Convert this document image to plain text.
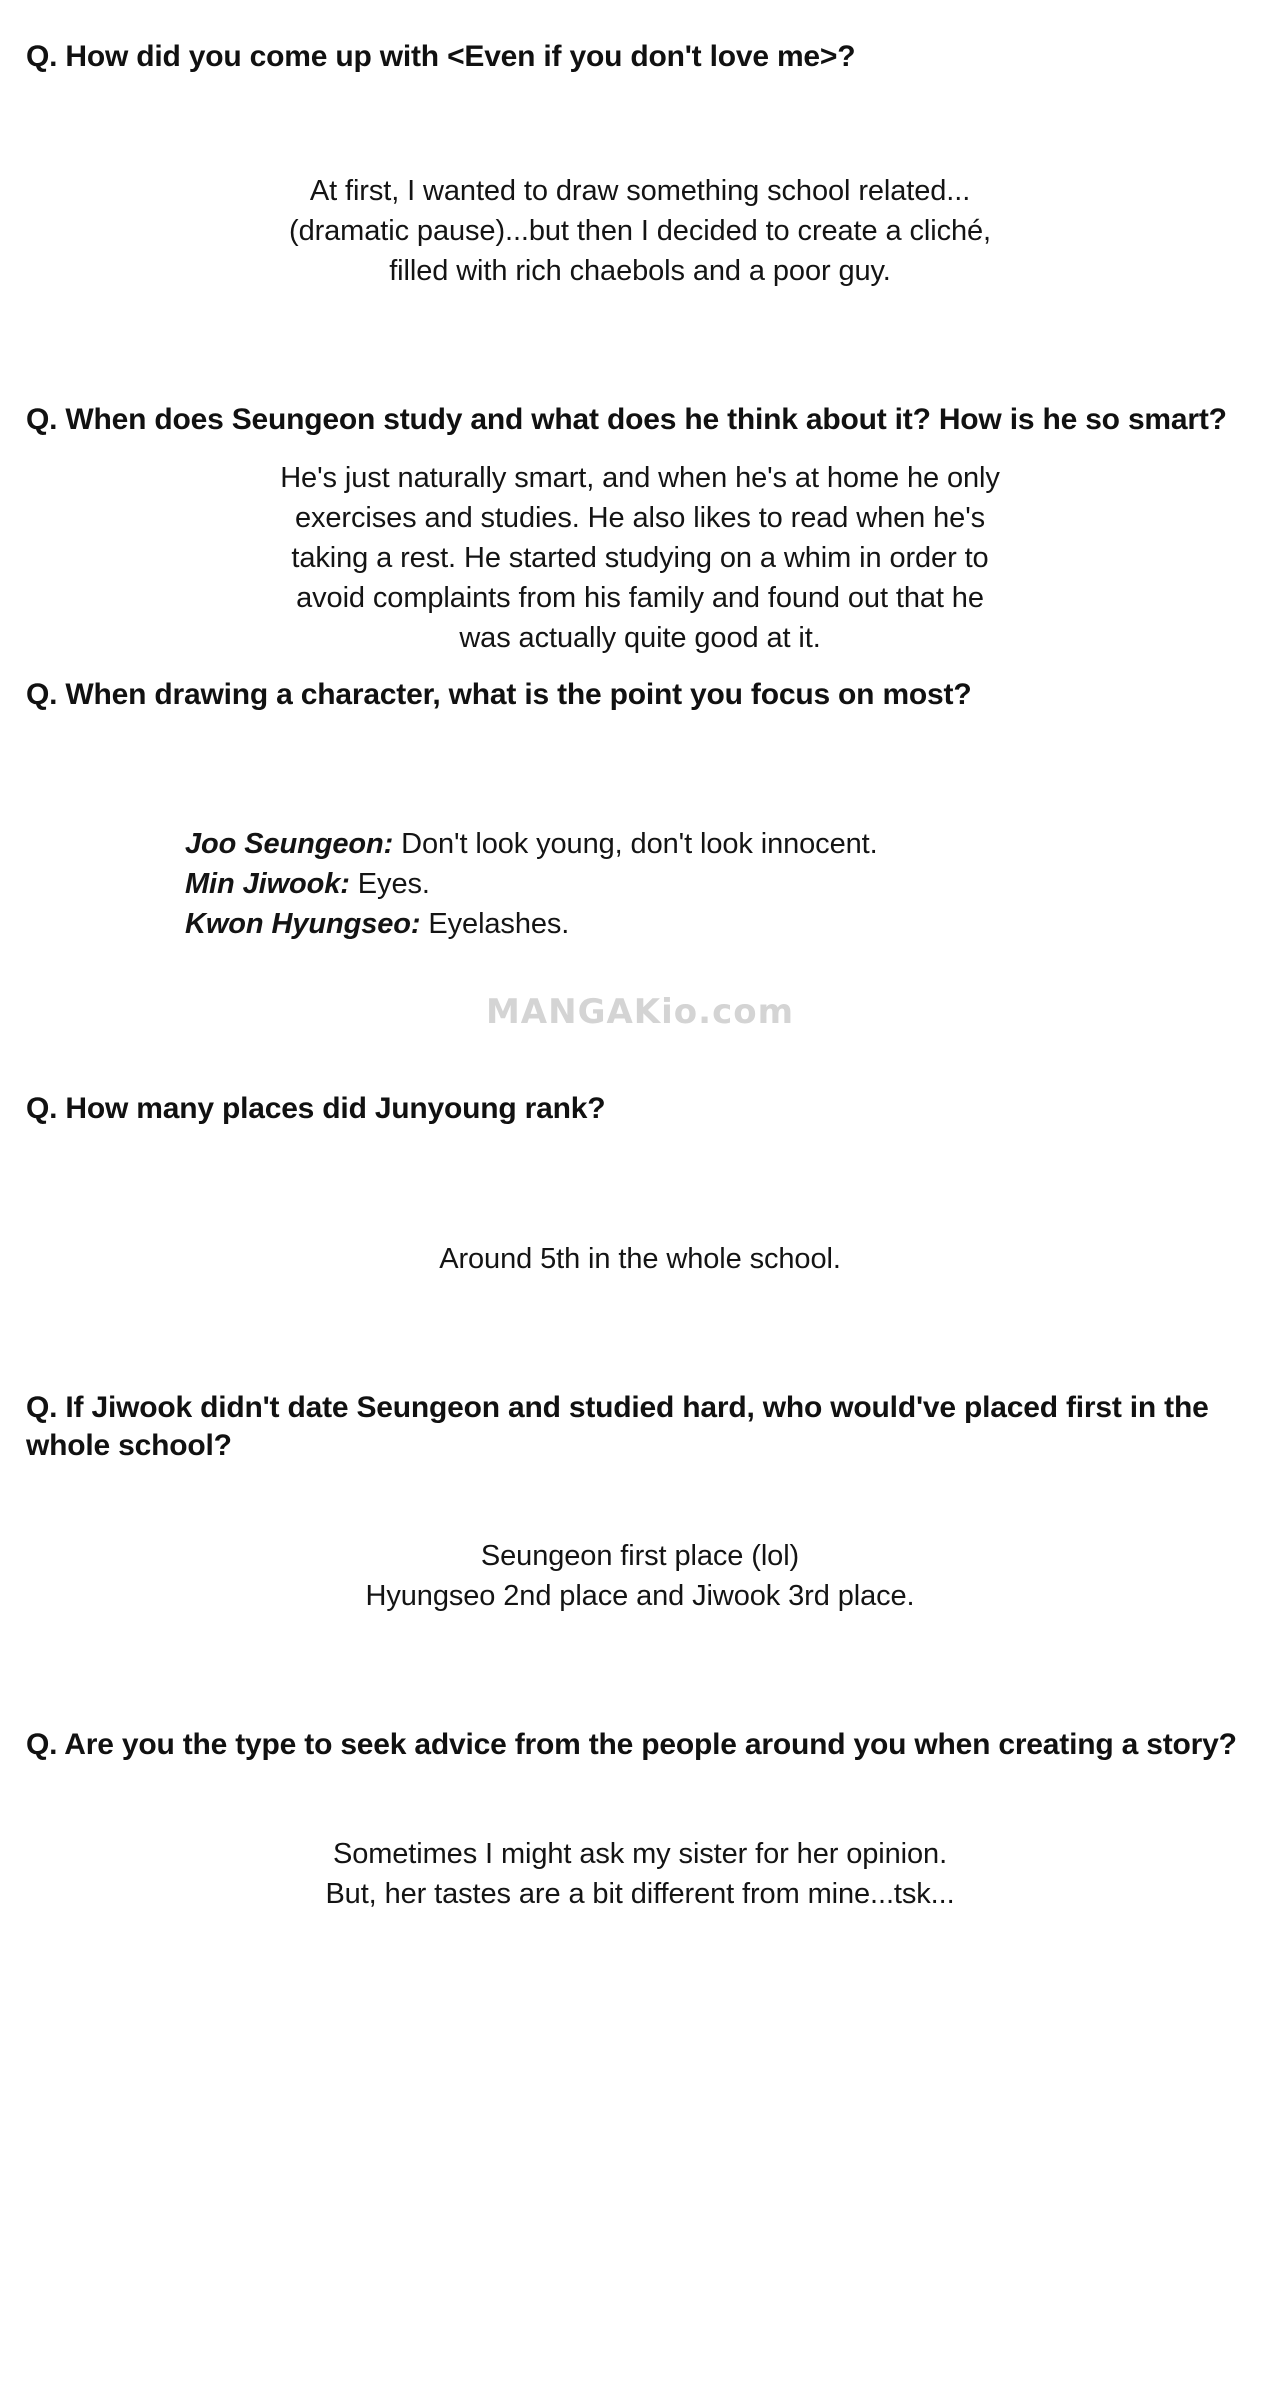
Q. How did you come up with <Even if you don't love me>?
At first, I wanted to draw something school related...
(dramatic pause)...but then I decided to create a cliché,
filled with rich chaebols and a poor guy.
Q. When does Seungeon study and what does he think about it? How is he so smart?
He's just naturally smart, and when he's at home he only
exercises and studies. He also likes to read when he's
taking a rest. He started studying on a whim in order to
avoid complaints from his family and found out that he
was actually quite good at it.
Q. When drawing a character, what is the point you focus on most?
Joo Seungeon: Don't look young, don't look innocent.
Min Jiwook: Eyes.
Kwon Hyungseo: Eyelashes.
MANGAKio.com
Q. How many places did Junyoung rank?
Around 5th in the whole school.
Q. If Jiwook didn't date Seungeon and studied hard, who would've placed first in the whole school?
Seungeon first place (lol)
Hyungseo 2nd place and Jiwook 3rd place.
Q. Are you the type to seek advice from the people around you when creating a story?
Sometimes I might ask my sister for her opinion.
But, her tastes are a bit different from mine...tsk...
